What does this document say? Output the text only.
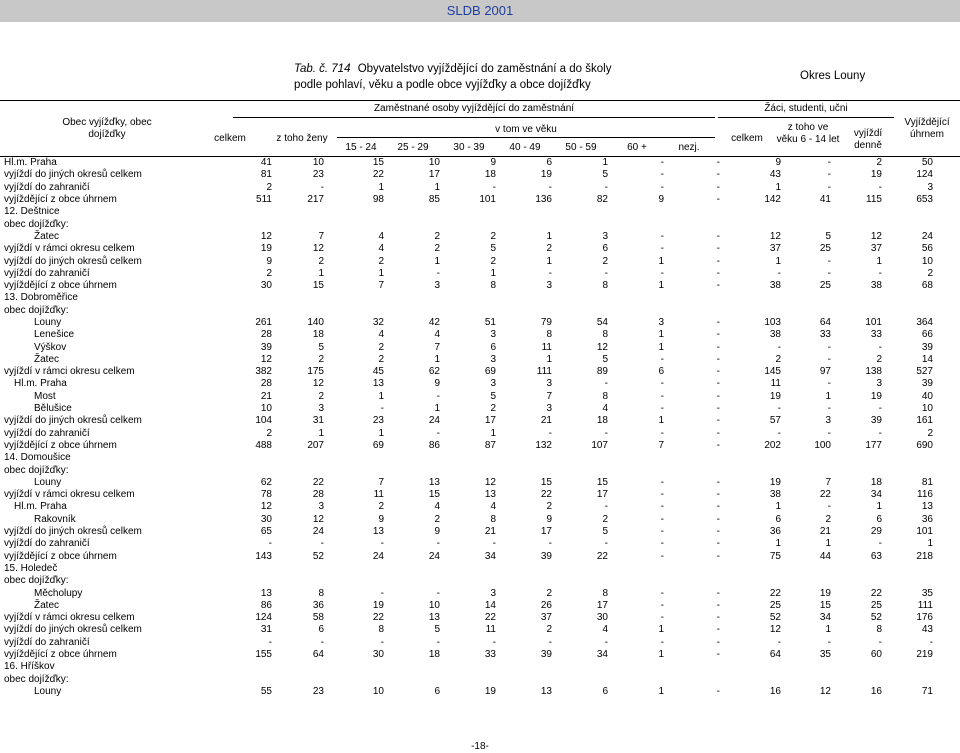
SLDB 2001
Tab. č. 714 Obyvatelstvo vyjíždějící do zaměstnání a do školy
podle pohlaví, věku a podle obce vyjížďky a obce dojížďky
Okres Louny
Obec vyjížďky, obec dojížďky
Zaměstnané osoby vyjíždějící do zaměstnání
celkem	z toho ženy
v tom ve věku
15 - 24	25 - 29	30 - 39	40 - 49	50 - 59	60 +	nezj.
Žáci, studenti, učni
celkem
z toho ve věku 6 - 14 let
vyjíždí denně
Vyjíždějící úhrnem
Hl.m. Praha	41	10	15	10	9	6	1	-	-	9	-	2	50
vyjíždí do jiných okresů celkem	81	23	22	17	18	19	5	-	-	43	-	19	124
vyjíždí do zahraničí	2	-	1	1	-	-	-	-	-	1	-	-	3
vyjíždějící z obce úhrnem	511	217	98	85	101	136	82	9	-	142	41	115	653
12. Deštnice													
obec dojížďky:													
Žatec	12	7	4	2	2	1	3	-	-	12	5	12	24
vyjíždí v rámci okresu celkem	19	12	4	2	5	2	6	-	-	37	25	37	56
vyjíždí do jiných okresů celkem	9	2	2	1	2	1	2	1	-	1	-	1	10
vyjíždí do zahraničí	2	1	1	-	1	-	-	-	-	-	-	-	2
vyjíždějící z obce úhrnem	30	15	7	3	8	3	8	1	-	38	25	38	68
13. Dobroměřice													
obec dojížďky:													
Louny	261	140	32	42	51	79	54	3	-	103	64	101	364
Lenešice	28	18	4	4	3	8	8	1	-	38	33	33	66
Výškov	39	5	2	7	6	11	12	1	-	-	-	-	39
Žatec	12	2	2	1	3	1	5	-	-	2	-	2	14
vyjíždí v rámci okresu celkem	382	175	45	62	69	111	89	6	-	145	97	138	527
Hl.m. Praha	28	12	13	9	3	3	-	-	-	11	-	3	39
Most	21	2	1	-	5	7	8	-	-	19	1	19	40
Bělušice	10	3	-	1	2	3	4	-	-	-	-	-	10
vyjíždí do jiných okresů celkem	104	31	23	24	17	21	18	1	-	57	3	39	161
vyjíždí do zahraničí	2	1	1	-	1	-	-	-	-	-	-	-	2
vyjíždějící z obce úhrnem	488	207	69	86	87	132	107	7	-	202	100	177	690
14. Domoušice													
obec dojížďky:													
Louny	62	22	7	13	12	15	15	-	-	19	7	18	81
vyjíždí v rámci okresu celkem	78	28	11	15	13	22	17	-	-	38	22	34	116
Hl.m. Praha	12	3	2	4	4	2	-	-	-	1	-	1	13
Rakovník	30	12	9	2	8	9	2	-	-	6	2	6	36
vyjíždí do jiných okresů celkem	65	24	13	9	21	17	5	-	-	36	21	29	101
vyjíždí do zahraničí	-	-	-	-	-	-	-	-	-	1	1	-	1
vyjíždějící z obce úhrnem	143	52	24	24	34	39	22	-	-	75	44	63	218
15. Holedeč													
obec dojížďky:													
Měcholupy	13	8	-	-	3	2	8	-	-	22	19	22	35
Žatec	86	36	19	10	14	26	17	-	-	25	15	25	111
vyjíždí v rámci okresu celkem	124	58	22	13	22	37	30	-	-	52	34	52	176
vyjíždí do jiných okresů celkem	31	6	8	5	11	2	4	1	-	12	1	8	43
vyjíždí do zahraničí	-	-	-	-	-	-	-	-	-	-	-	-	-
vyjíždějící z obce úhrnem	155	64	30	18	33	39	34	1	-	64	35	60	219
16. Hříškov													
obec dojížďky:													
Louny	55	23	10	6	19	13	6	1	-	16	12	16	71
-18-
